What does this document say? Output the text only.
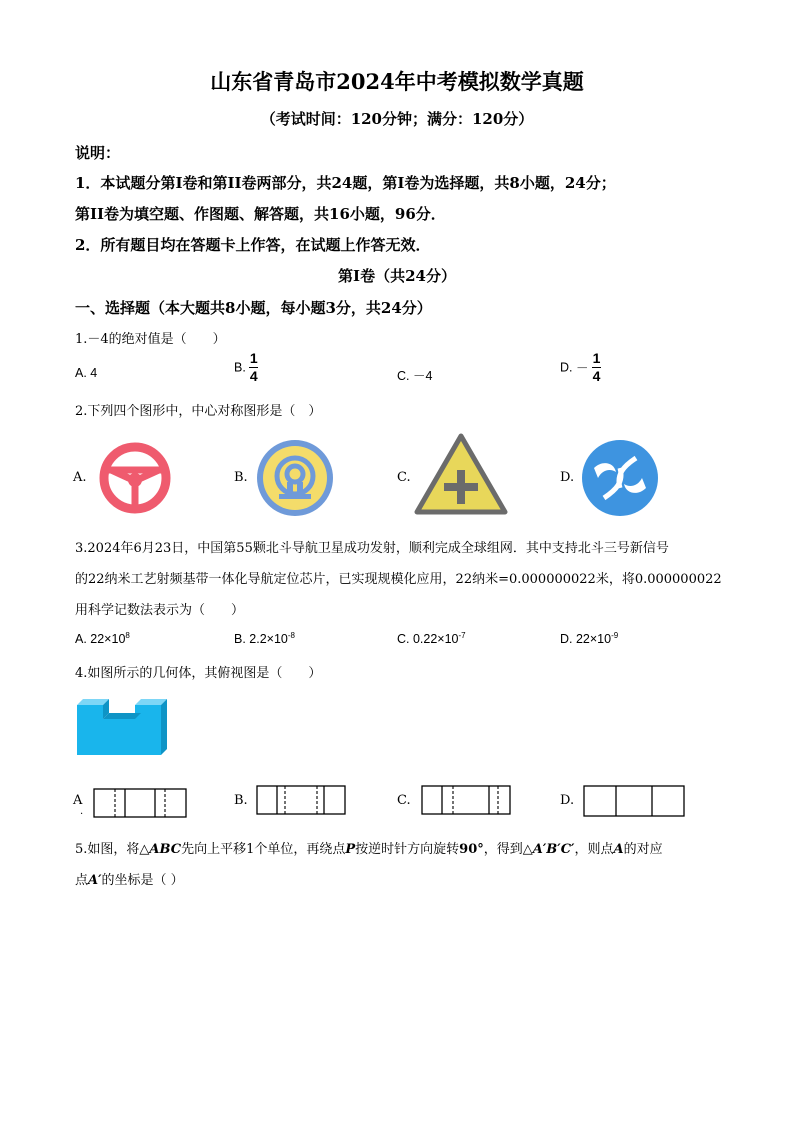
山东省青岛市2024年中考模拟数学真题
（考试时间：120分钟；满分：120分）
说明：
1．本试题分第I卷和第II卷两部分，共24题，第I卷为选择题，共8小题，24分；
第II卷为填空题、作图题、解答题，共16小题，96分．
2．所有题目均在答题卡上作答，在试题上作答无效．
第I卷（共24分）
一、选择题（本大题共8小题，每小题3分，共24分）
1.－4的绝对值是（　　）
A. 4	B. $\frac{1}{4}$	C. －4
D. － $\frac{1}{4}$
2.下列四个图形中，中心对称图形是（　）
A.	B.	C.	D.
3.2024年6月23日，中国第55颗北斗导航卫星成功发射，顺利完成全球组网．其中支持北斗三号新信号
的22纳米工艺射频基带一体化导航定位芯片，已实现规模化应用，22纳米=0.000000022米，将0.000000022
用科学记数法表示为（　　）
A. $22\times 10^8$	B. $2.2\times 10^{-8}$	C. $0.22\times 10^{-7}$	D. $22\times 10^{-9}$
4.如图所示的几何体，其俯视图是（　　）
A
.
B.	C.	D.
5.如图，将△ABC先向上平移1个单位，再绕点P按逆时针方向旋转90°，得到△A′B′C′，则点A的对应
点A′的坐标是（ ）
